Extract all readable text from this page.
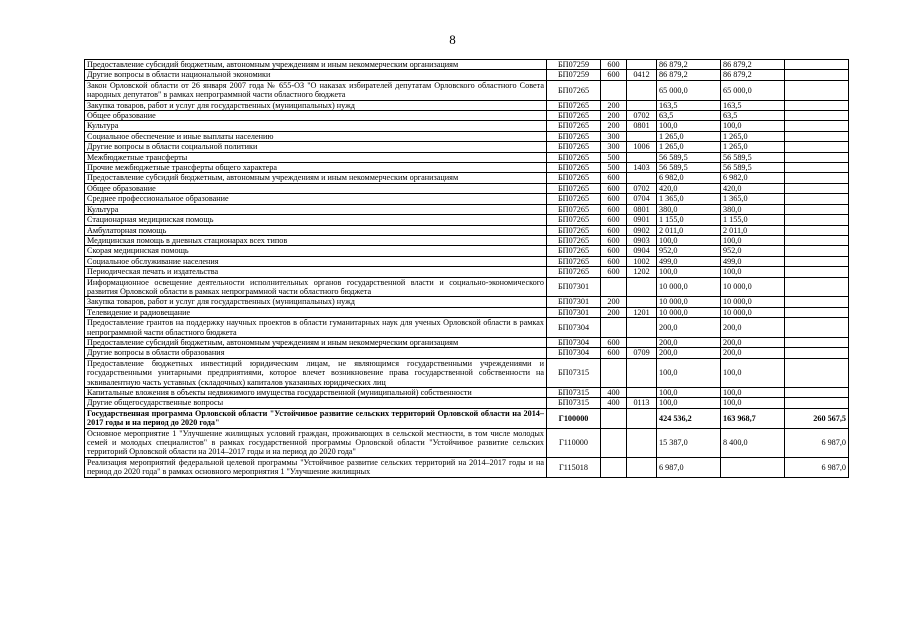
8
Предоставление субсидий бюджетным, автономным учреждениям и иным некоммерческим организациям	БП07259	600		86 879,2	86 879,2	
Другие вопросы в области национальной экономики	БП07259	600	0412	86 879,2	86 879,2	
Закон Орловской области от 26 января 2007 года № 655-ОЗ "О наказах избирателей депутатам Орловского областного Совета народных депутатов" в рамках непрограммной части областного бюджета	БП07265			65 000,0	65 000,0	
Закупка товаров, работ и услуг для государственных (муниципальных) нужд	БП07265	200		163,5	163,5	
Общее образование	БП07265	200	0702	63,5	63,5	
Культура	БП07265	200	0801	100,0	100,0	
Социальное обеспечение и иные выплаты населению	БП07265	300		1 265,0	1 265,0	
Другие вопросы в области социальной политики	БП07265	300	1006	1 265,0	1 265,0	
Межбюджетные трансферты	БП07265	500		56 589,5	56 589,5	
Прочие межбюджетные трансферты общего характера	БП07265	500	1403	56 589,5	56 589,5	
Предоставление субсидий бюджетным, автономным учреждениям и иным некоммерческим организациям	БП07265	600		6 982,0	6 982,0	
Общее образование	БП07265	600	0702	420,0	420,0	
Среднее профессиональное образование	БП07265	600	0704	1 365,0	1 365,0	
Культура	БП07265	600	0801	380,0	380,0	
Стационарная медицинская помощь	БП07265	600	0901	1 155,0	1 155,0	
Амбулаторная помощь	БП07265	600	0902	2 011,0	2 011,0	
Медицинская помощь в дневных стационарах всех типов	БП07265	600	0903	100,0	100,0	
Скорая медицинская помощь	БП07265	600	0904	952,0	952,0	
Социальное обслуживание населения	БП07265	600	1002	499,0	499,0	
Периодическая печать и издательства	БП07265	600	1202	100,0	100,0	
Информационное освещение деятельности исполнительных органов государственной власти и социально-экономического развития Орловской области в рамках непрограммной части областного бюджета	БП07301			10 000,0	10 000,0	
Закупка товаров, работ и услуг для государственных (муниципальных) нужд	БП07301	200		10 000,0	10 000,0	
Телевидение и радиовещание	БП07301	200	1201	10 000,0	10 000,0	
Предоставление грантов на поддержку научных проектов в области гуманитарных наук для ученых Орловской области в рамках непрограммной части областного бюджета	БП07304			200,0	200,0	
Предоставление субсидий бюджетным, автономным учреждениям и иным некоммерческим организациям	БП07304	600		200,0	200,0	
Другие вопросы в области образования	БП07304	600	0709	200,0	200,0	
Предоставление бюджетных инвестиций юридическим лицам, не являющимся государственными учреждениями и государственными унитарными предприятиями, которое влечет возникновение права государственной собственности на эквивалентную часть уставных (складочных) капиталов указанных юридических лиц	БП07315			100,0	100,0	
Капитальные вложения в объекты недвижимого имущества государственной (муниципальной) собственности	БП07315	400		100,0	100,0	
Другие общегосударственные вопросы	БП07315	400	0113	100,0	100,0	
Государственная программа Орловской области "Устойчивое развитие сельских территорий Орловской области на 2014–2017 годы и на период до 2020 года"	Г100000			424 536,2	163 968,7	260 567,5
Основное мероприятие 1 "Улучшение жилищных условий граждан, проживающих в сельской местности, в том числе молодых семей и молодых специалистов" в рамках государственной программы Орловской области "Устойчивое развитие сельских территорий Орловской области на 2014–2017 годы и на период до 2020 года"	Г110000			15 387,0	8 400,0	6 987,0
Реализация мероприятий федеральной целевой программы "Устойчивое развитие сельских территорий на 2014–2017 годы и на период до 2020 года" в рамках основного мероприятия 1 "Улучшение жилищных	Г115018			6 987,0		6 987,0
